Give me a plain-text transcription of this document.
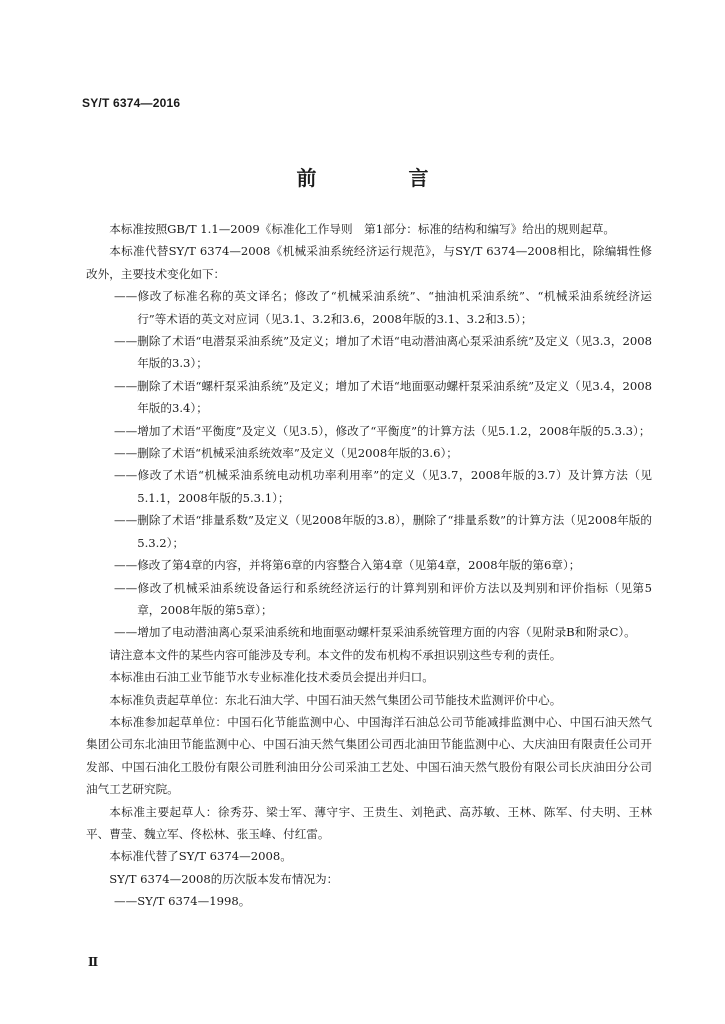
SY/T 6374—2016
前　言

本标准按照GB/T 1.1—2009《标准化工作导则　第1部分：标准的结构和编写》给出的规则起草。

本标准代替SY/T 6374—2008《机械采油系统经济运行规范》，与SY/T 6374—2008相比，除编辑性修改外，主要技术变化如下：

——修改了标准名称的英文译名；修改了“机械采油系统”、“抽油机采油系统”、“机械采油系统经济运行”等术语的英文对应词（见3.1、3.2和3.6，2008年版的3.1、3.2和3.5）；

——删除了术语“电潜泵采油系统”及定义；增加了术语“电动潜油离心泵采油系统”及定义（见3.3，2008年版的3.3）；

——删除了术语“螺杆泵采油系统”及定义；增加了术语“地面驱动螺杆泵采油系统”及定义（见3.4，2008年版的3.4）；

——增加了术语“平衡度”及定义（见3.5），修改了“平衡度”的计算方法（见5.1.2，2008年版的5.3.3）；

——删除了术语“机械采油系统效率”及定义（见2008年版的3.6）；

——修改了术语“机械采油系统电动机功率利用率”的定义（见3.7，2008年版的3.7）及计算方法（见5.1.1，2008年版的5.3.1）；

——删除了术语“排量系数”及定义（见2008年版的3.8），删除了“排量系数”的计算方法（见2008年版的5.3.2）；

——修改了第4章的内容，并将第6章的内容整合入第4章（见第4章，2008年版的第6章）；

——修改了机械采油系统设备运行和系统经济运行的计算判别和评价方法以及判别和评价指标（见第5章，2008年版的第5章）；

——增加了电动潜油离心泵采油系统和地面驱动螺杆泵采油系统管理方面的内容（见附录B和附录C）。

请注意本文件的某些内容可能涉及专利。本文件的发布机构不承担识别这些专利的责任。

本标准由石油工业节能节水专业标准化技术委员会提出并归口。

本标准负责起草单位：东北石油大学、中国石油天然气集团公司节能技术监测评价中心。

本标准参加起草单位：中国石化节能监测中心、中国海洋石油总公司节能减排监测中心、中国石油天然气集团公司东北油田节能监测中心、中国石油天然气集团公司西北油田节能监测中心、大庆油田有限责任公司开发部、中国石油化工股份有限公司胜利油田分公司采油工艺处、中国石油天然气股份有限公司长庆油田分公司油气工艺研究院。

本标准主要起草人：徐秀芬、梁士军、薄守宇、王贵生、刘艳武、高苏敏、王林、陈军、付夫明、王林平、曹莹、魏立军、佟松林、张玉峰、付红雷。

本标准代替了SY/T 6374—2008。

SY/T 6374—2008的历次版本发布情况为：

——SY/T 6374—1998。

Ⅱ
